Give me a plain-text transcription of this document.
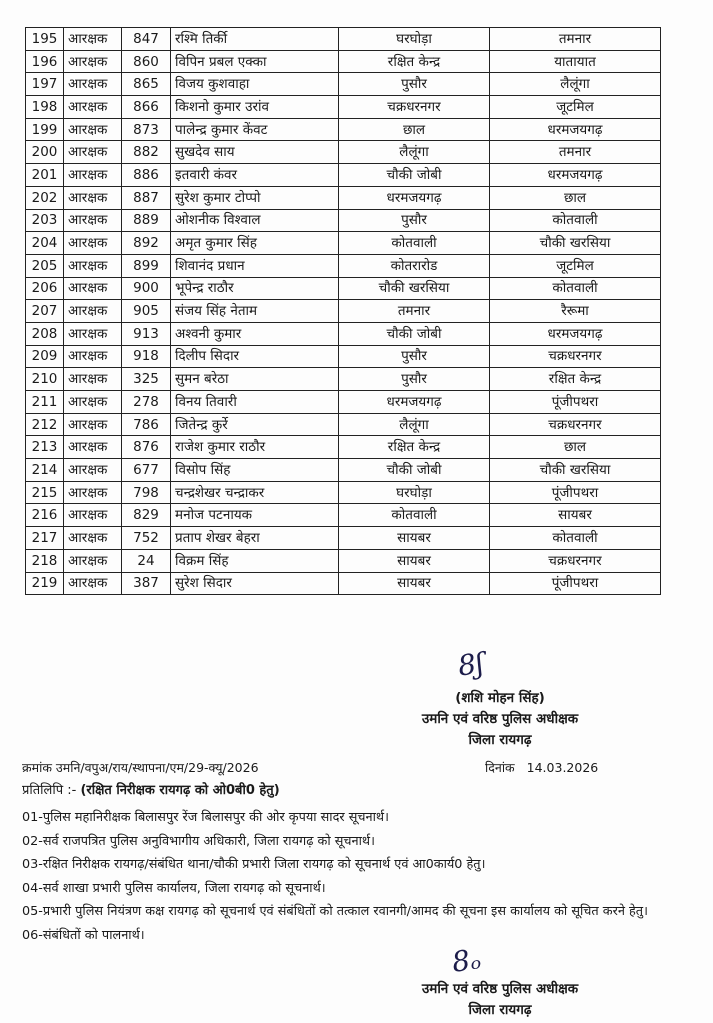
195	आरक्षक	847	रश्मि तिर्की	घरघोड़ा	तमनार
196	आरक्षक	860	विपिन प्रबल एक्का	रक्षित केन्द्र	यातायात
197	आरक्षक	865	विजय कुशवाहा	पुसौर	लैलूंगा
198	आरक्षक	866	किशनो कुमार उरांव	चक्रधरनगर	जूटमिल
199	आरक्षक	873	पालेन्द्र कुमार केंवट	छाल	धरमजयगढ़
200	आरक्षक	882	सुखदेव साय	लैलूंगा	तमनार
201	आरक्षक	886	इतवारी कंवर	चौकी जोबी	धरमजयगढ़
202	आरक्षक	887	सुरेश कुमार टोप्पो	धरमजयगढ़	छाल
203	आरक्षक	889	ओशनीक विश्वाल	पुसौर	कोतवाली
204	आरक्षक	892	अमृत कुमार सिंह	कोतवाली	चौकी खरसिया
205	आरक्षक	899	शिवानंद प्रधान	कोतरारोड	जूटमिल
206	आरक्षक	900	भूपेन्द्र राठौर	चौकी खरसिया	कोतवाली
207	आरक्षक	905	संजय सिंह नेताम	तमनार	रैरूमा
208	आरक्षक	913	अश्वनी कुमार	चौकी जोबी	धरमजयगढ़
209	आरक्षक	918	दिलीप सिदार	पुसौर	चक्रधरनगर
210	आरक्षक	325	सुमन बरेठा	पुसौर	रक्षित केन्द्र
211	आरक्षक	278	विनय तिवारी	धरमजयगढ़	पूंजीपथरा
212	आरक्षक	786	जितेन्द्र कुर्रे	लैलूंगा	चक्रधरनगर
213	आरक्षक	876	राजेश कुमार राठौर	रक्षित केन्द्र	छाल
214	आरक्षक	677	विसोप सिंह	चौकी जोबी	चौकी खरसिया
215	आरक्षक	798	चन्द्रशेखर चन्द्राकर	घरघोड़ा	पूंजीपथरा
216	आरक्षक	829	मनोज पटनायक	कोतवाली	सायबर
217	आरक्षक	752	प्रताप शेखर बेहरा	सायबर	कोतवाली
218	आरक्षक	24	विक्रम सिंह	सायबर	चक्रधरनगर
219	आरक्षक	387	सुरेश सिदार	सायबर	पूंजीपथरा
8ʃ
(शशि मोहन सिंह)
उमनि एवं वरिष्ठ पुलिस अधीक्षक
जिला रायगढ़
क्रमांक उमनि/वपुअ/राय/स्थापना/एम/29-क्यू/2026	दिनांक 14.03.2026
प्रतिलिपि :- (रक्षित निरीक्षक रायगढ़ को ओ0बी0 हेतु)
01-पुलिस महानिरीक्षक बिलासपुर रेंज बिलासपुर की ओर कृपया सादर सूचनार्थ।
02-सर्व राजपत्रित पुलिस अनुविभागीय अधिकारी, जिला रायगढ़ को सूचनार्थ।
03-रक्षित निरीक्षक रायगढ़/संबंधित थाना/चौकी प्रभारी जिला रायगढ़ को सूचनार्थ एवं आ0कार्य0 हेतु।
04-सर्व शाखा प्रभारी पुलिस कार्यालय, जिला रायगढ़ को सूचनार्थ।
05-प्रभारी पुलिस नियंत्रण कक्ष रायगढ़ को सूचनार्थ एवं संबंधितों को तत्काल रवानगी/आमद की सूचना इस कार्यालय को सूचित करने हेतु।
06-संबंधितों को पालनार्थ।
8ₒ
उमनि एवं वरिष्ठ पुलिस अधीक्षक
जिला रायगढ़
